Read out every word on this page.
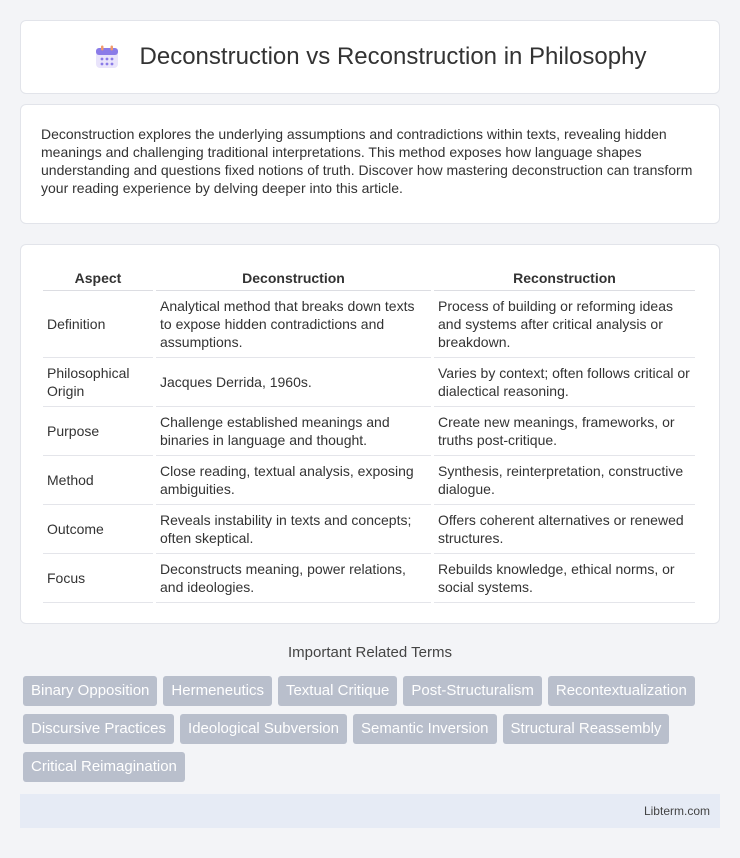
Deconstruction vs Reconstruction in Philosophy

Deconstruction explores the underlying assumptions and contradictions within texts, revealing hidden meanings and challenging traditional interpretations. This method exposes how language shapes understanding and questions fixed notions of truth. Discover how mastering deconstruction can transform your reading experience by delving deeper into this article.

Aspect	Deconstruction	Reconstruction
Definition	Analytical method that breaks down texts to expose hidden contradictions and assumptions.	Process of building or reforming ideas and systems after critical analysis or breakdown.
Philosophical Origin	Jacques Derrida, 1960s.	Varies by context; often follows critical or dialectical reasoning.
Purpose	Challenge established meanings and binaries in language and thought.	Create new meanings, frameworks, or truths post-critique.
Method	Close reading, textual analysis, exposing ambiguities.	Synthesis, reinterpretation, constructive dialogue.
Outcome	Reveals instability in texts and concepts; often skeptical.	Offers coherent alternatives or renewed structures.
Focus	Deconstructs meaning, power relations, and ideologies.	Rebuilds knowledge, ethical norms, or social systems.
Important Related Terms
Binary Opposition	Hermeneutics	Textual Critique	Post-Structuralism	Recontextualization
Discursive Practices	Ideological Subversion	Semantic Inversion	Structural Reassembly
Critical Reimagination
Libterm.com
